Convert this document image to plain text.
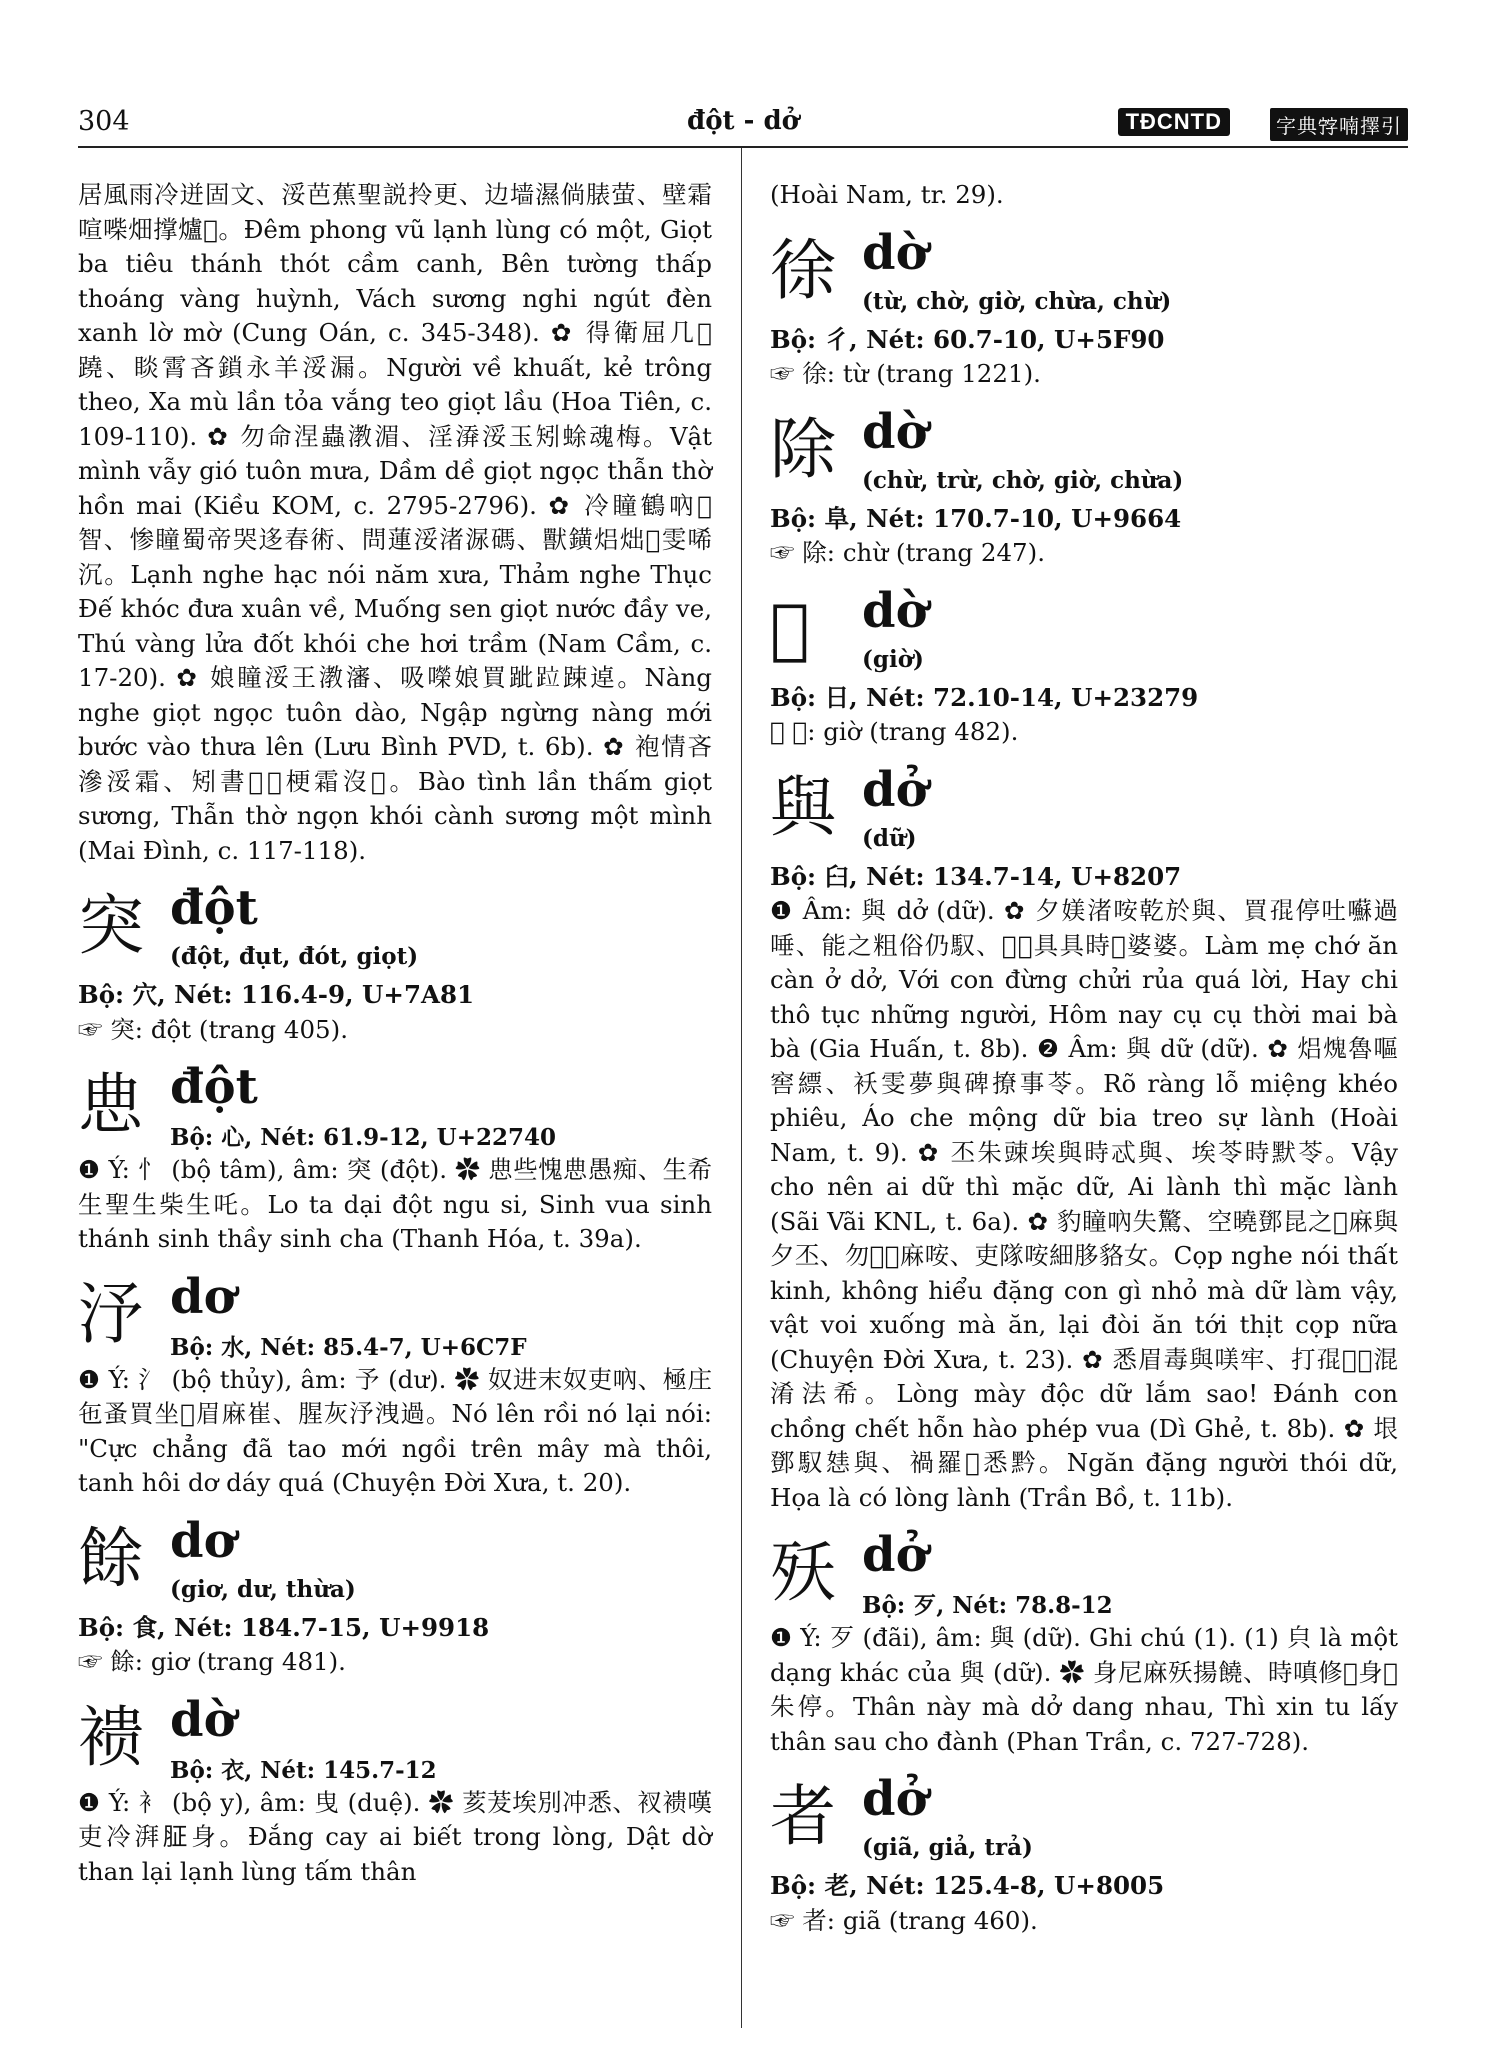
304	đột - dở	TĐCNTD	字典𡨸喃擇引

居風雨冷迸固文、浽芭蕉聖説拎更、边墙濕倘脿萤、壁霜喧喍畑撑爐𤈞。Đêm phong vũ lạnh lùng có một, Giọt ba tiêu thánh thót cầm canh, Bên tường thấp thoáng vàng huỳnh, Vách sương nghi ngút đèn xanh lờ mờ (Cung Oán, c. 345-348). ✿ 得衛屈几𪤄蹺、睒霄吝鎖永羊浽漏。Người về khuất, kẻ trông theo, Xa mù lần tỏa vắng teo giọt lầu (Hoa Tiên, c. 109-110). ✿ 勿命涅蟲漖湄、淫㴁浽玉矧蜍魂梅。Vật mình vẫy gió tuôn mưa, Dầm dề giọt ngọc thẫn thờ hồn mai (Kiều KOM, c. 2795-2796). ✿ 冷瞳鶴吶𦝄智、惨瞳蜀帝哭迻春術、問蓮浽渚㳮碼、獸鐄焒炪𩂀雯唏沉。Lạnh nghe hạc nói năm xưa, Thảm nghe Thục Đế khóc đưa xuân về, Muống sen giọt nước đầy ve, Thú vàng lửa đốt khói che hơi trầm (Nam Cầm, c. 17-20). ✿ 娘瞳浽王漖瀋、吸㘇娘買跐𨀎踈逴。Nàng nghe giọt ngọc tuôn dào, Ngập ngừng nàng mới bước vào thưa lên (Lưu Bình PVD, t. 6b). ✿ 袍情吝滲浽霜、矧書𤄯𤈜梗霜沒𨉓。Bào tình lần thấm giọt sương, Thẫn thờ ngọn khói cành sương một mình (Mai Đình, c. 117-118).

突 đột
(đột, đụt, đót, giọt)

Bộ: 穴, Nét: 116.4-9, U+7A81

☞ 突: đột (trang 405).

㤟 đột
Bộ: 心, Nét: 61.9-12, U+22740

❶ Ý: 忄 (bộ tâm), âm: 突 (đột). ✿ 㤟些愧㤟愚痴、生希生聖生柴生吒。Lo ta dại đột ngu si, Sinh vua sinh thánh sinh thầy sinh cha (Thanh Hóa, t. 39a).

汿 dơ
Bộ: 水, Nét: 85.4-7, U+6C7F

❶ Ý: 氵 (bộ thủy), âm: 予 (dư). ✿ 奴进末奴吏吶、極庄㐌蚤買坐𨖲眉麻崔、腥灰汿洩過。Nó lên rồi nó lại nói: "Cực chẳng đã tao mới ngồi trên mây mà thôi, tanh hôi dơ dáy quá (Chuyện Đời Xưa, t. 20).

餘 dơ
(giơ, dư, thừa)

Bộ: 食, Nét: 184.7-15, U+9918

☞ 餘: giơ (trang 481).

䙌 dờ
Bộ: 衣, Nét: 145.7-12

❶ Ý: 衤 (bộ y), âm: 曳 (duệ). ✿ 荄茇埃別冲悉、衩䙌嘆吏冷湃𦙫身。Đắng cay ai biết trong lòng, Dật dờ than lại lạnh lùng tấm thân

(Hoài Nam, tr. 29).

徐 dờ
(từ, chờ, giờ, chừa, chừ)

Bộ: 彳, Nét: 60.7-10, U+5F90

☞ 徐: từ (trang 1221).

除 dờ
(chừ, trừ, chờ, giờ, chừa)

Bộ: 阜, Nét: 170.7-10, U+9664

☞ 除: chừ (trang 247).

𣉹 dờ
(giờ)

Bộ: 日, Nét: 72.10-14, U+23279

☞ 𣉹: giờ (trang 482).

與 dở
(dữ)

Bộ: 臼, Nét: 134.7-14, U+8207

❶ Âm: 與 dở (dữ). ✿ 夕媄渚咹乾於與、買𡥵停吐囌過唾、能之粗俗仍馭、𣋚𣈜具具時𣈕婆婆。Làm mẹ chớ ăn càn ở dở, Với con đừng chửi rủa quá lời, Hay chi thô tục những người, Hôm nay cụ cụ thời mai bà bà (Gia Huấn, t. 8b). ❷ Âm: 與 dữ (dữ). ✿ 焒𤌋魯嘔窖縹、袄雯夢與碑撩事苓。Rõ ràng lỗ miệng khéo phiêu, Áo che mộng dữ bia treo sự lành (Hoài Nam, t. 9). ✿ 丕朱䜹埃與時忒與、埃苓時默苓。Vậy cho nên ai dữ thì mặc dữ, Ai lành thì mặc lành (Sãi Vãi KNL, t. 6a). ✿ 豹瞳吶失驚、空曉鄧昆之𤞻麻與夕丕、勿𤠰𧐺麻咹、吏隊咹細䏧貉女。Cọp nghe nói thất kinh, không hiểu đặng con gì nhỏ mà dữ làm vậy, vật voi xuống mà ăn, lại đòi ăn tới thịt cọp nữa (Chuyện Đời Xưa, t. 23). ✿ 悉眉毒與𠸍牢、打𡥵𢫝𦋦混淆法希。Lòng mày độc dữ lắm sao! Đánh con chồng chết hỗn hào phép vua (Dì Ghẻ, t. 8b). ✿ 垠鄧馭㥨與、禍羅𩄲悉黔。Ngăn đặng người thói dữ, Họa là có lòng lành (Trần Bồ, t. 11b).

殀 dở
Bộ: 歹, Nét: 78.8-12

❶ Ý: 歹 (đãi), âm: 與 (dữ). Ghi chú (1). (1) 㒵 là một dạng khác của 與 (dữ). ✿ 身尼麻殀揚饒、時嗔修𧚟身𨉟朱停。Thân này mà dở dang nhau, Thì xin tu lấy thân sau cho đành (Phan Trần, c. 727-728).

者 dở
(giã, giả, trả)

Bộ: 老, Nét: 125.4-8, U+8005

☞ 者: giã (trang 460).
